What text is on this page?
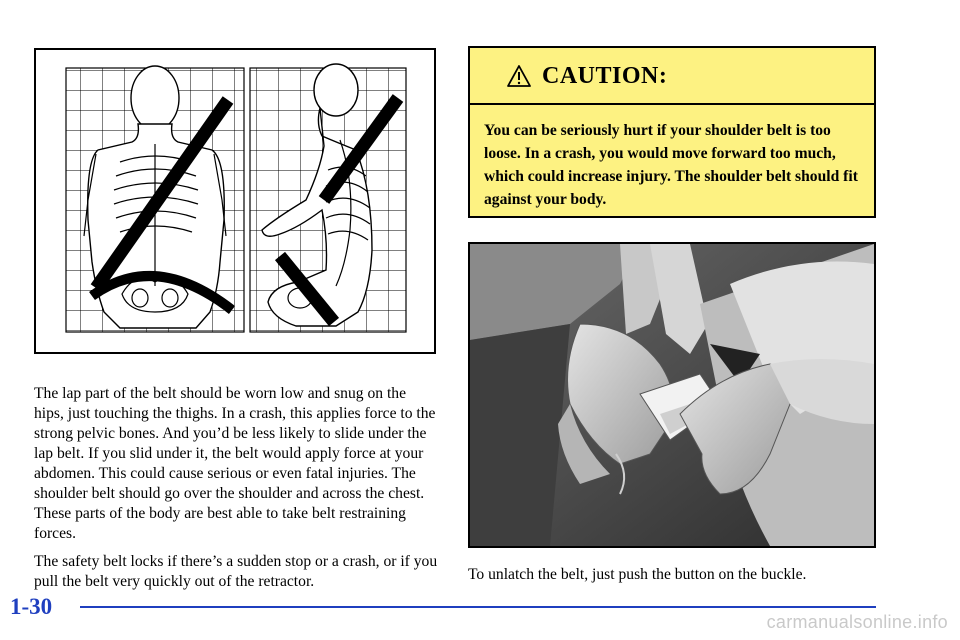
The lap part of the belt should be worn low and snug on the hips, just touching the thighs. In a crash, this applies force to the strong pelvic bones. And you’d be less likely to slide under the lap belt. If you slid under it, the belt would apply force at your abdomen. This could cause serious or even fatal injuries. The shoulder belt should go over the shoulder and across the chest. These parts of the body are best able to take belt restraining forces.

The safety belt locks if there’s a sudden stop or a crash, or if you pull the belt very quickly out of the retractor.

CAUTION:
You can be seriously hurt if your shoulder belt is too loose. In a crash, you would move forward too much, which could increase injury. The shoulder belt should fit against your body.
To unlatch the belt, just push the button on the buckle.
1-30
carmanualsonline.info
